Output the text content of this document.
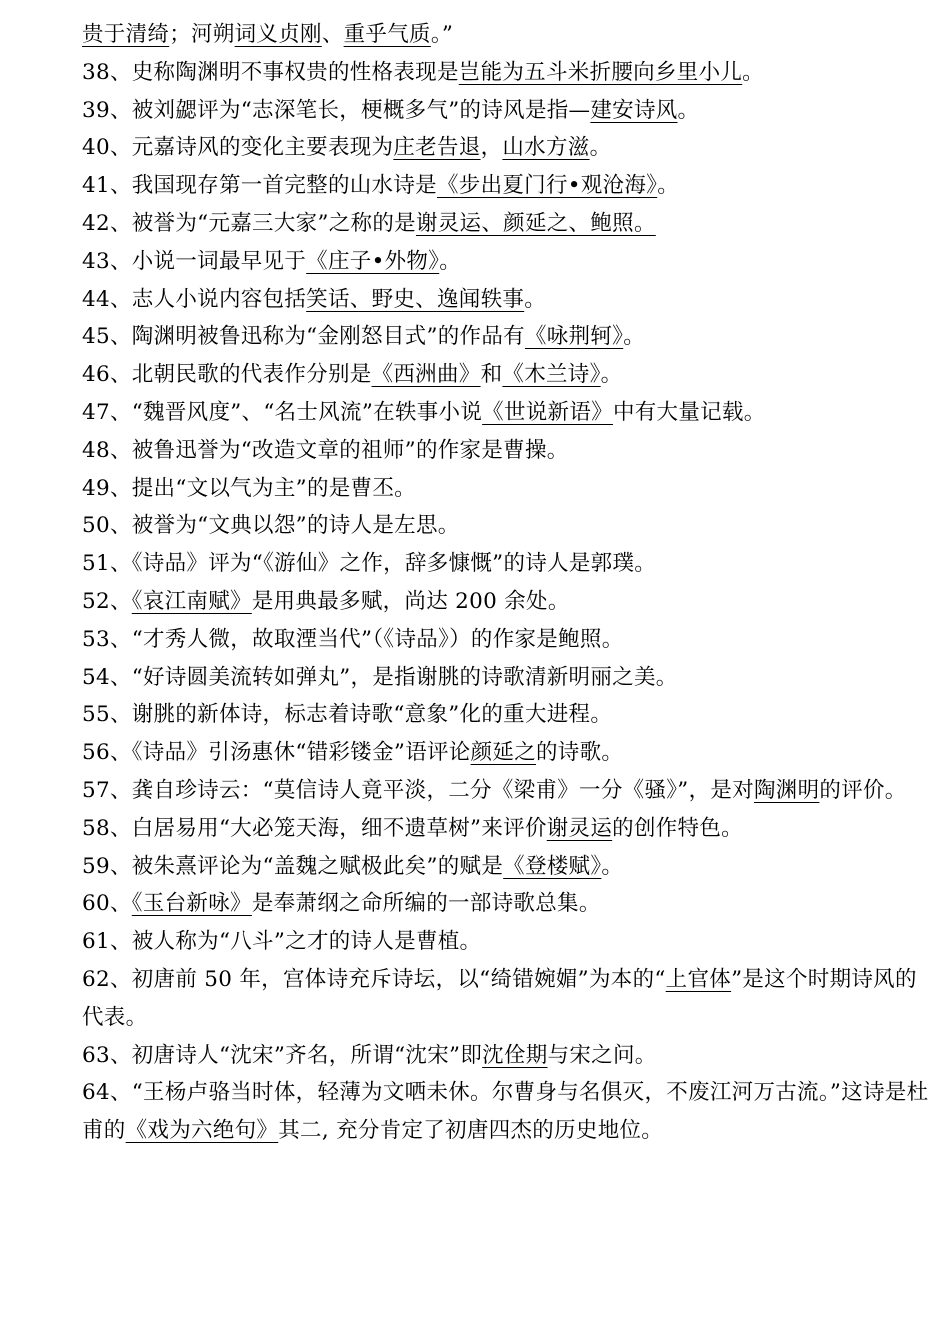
贵于清绮；河朔词义贞刚、重乎气质。”

38、史称陶渊明不事权贵的性格表现是岂能为五斗米折腰向乡里小儿。

39、被刘勰评为“志深笔长，梗概多气”的诗风是指—建安诗风。

40、元嘉诗风的变化主要表现为庄老告退，山水方滋。

41、我国现存第一首完整的山水诗是《步出夏门行•观沧海》。

42、被誉为“元嘉三大家”之称的是谢灵运、颜延之、鲍照。

43、小说一词最早见于《庄子•外物》。

44、志人小说内容包括笑话、野史、逸闻轶事。

45、陶渊明被鲁迅称为“金刚怒目式”的作品有《咏荆轲》。

46、北朝民歌的代表作分别是《西洲曲》和《木兰诗》。

47、“魏晋风度”、“名士风流”在轶事小说《世说新语》中有大量记载。

48、被鲁迅誉为“改造文章的祖师”的作家是曹操。

49、提出“文以气为主”的是曹丕。

50、被誉为“文典以怨”的诗人是左思。

51、《诗品》评为“《游仙》之作，辞多慷慨”的诗人是郭璞。

52、《哀江南赋》是用典最多赋，尚达 200 余处。

53、“才秀人微，故取湮当代”（《诗品》）的作家是鲍照。

54、“好诗圆美流转如弹丸”，是指谢朓的诗歌清新明丽之美。

55、谢朓的新体诗，标志着诗歌“意象”化的重大进程。

56、《诗品》引汤惠休“错彩镂金”语评论颜延之的诗歌。

57、龚自珍诗云：“莫信诗人竟平淡，二分《梁甫》一分《骚》”，是对陶渊明的评价。

58、白居易用“大必笼天海，细不遗草树”来评价谢灵运的创作特色。

59、被朱熹评论为“盖魏之赋极此矣”的赋是《登楼赋》。

60、《玉台新咏》是奉萧纲之命所编的一部诗歌总集。

61、被人称为“八斗”之才的诗人是曹植。

62、初唐前 50 年，宫体诗充斥诗坛，以“绮错婉媚”为本的“上官体”是这个时期诗风的代表。

63、初唐诗人“沈宋”齐名，所谓“沈宋”即沈佺期与宋之问。

64、“王杨卢骆当时体，轻薄为文哂未休。尔曹身与名俱灭，不废江河万古流。”这诗是杜甫的《戏为六绝句》其二, 充分肯定了初唐四杰的历史地位。
